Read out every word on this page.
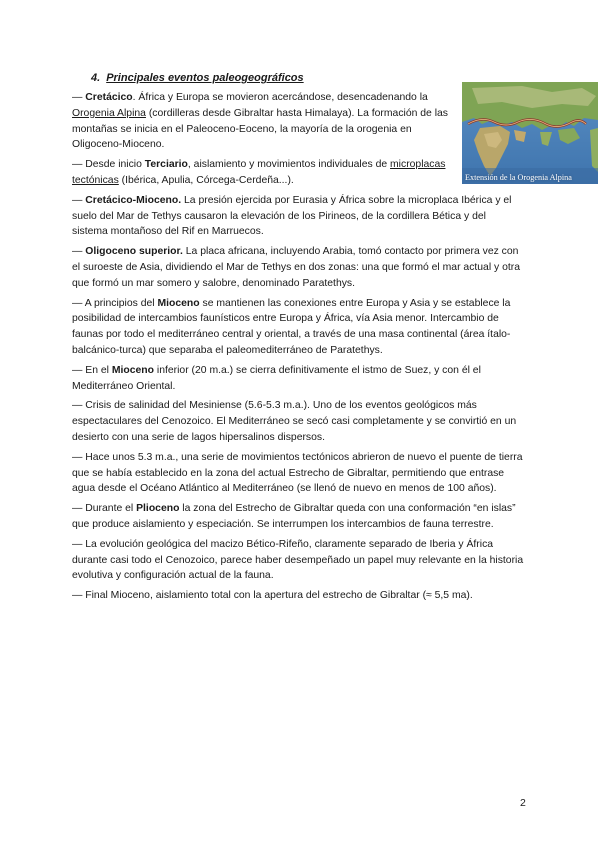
4. Principales eventos paleogeográficos
Extensión de la Orogenia Alpina

— Cretácico. África y Europa se movieron acercándose, desencadenando la Orogenia Alpina (cordilleras desde Gibraltar hasta Himalaya). La formación de las montañas se inicia en el Paleoceno-Eoceno, la mayoría de la orogenia en Oligoceno-Mioceno.

— Desde inicio Terciario, aislamiento y movimientos individuales de microplacas tectónicas (Ibérica, Apulia, Córcega-Cerdeña...).

— Cretácico-Mioceno. La presión ejercida por Eurasia y África sobre la microplaca Ibérica y el suelo del Mar de Tethys causaron la elevación de los Pirineos, de la cordillera Bética y del sistema montañoso del Rif en Marruecos.

— Oligoceno superior. La placa africana, incluyendo Arabia, tomó contacto por primera vez con el suroeste de Asia, dividiendo el Mar de Tethys en dos zonas: una que formó el mar actual y otra que formó un mar somero y salobre, denominado Paratethys.

— A principios del Mioceno se mantienen las conexiones entre Europa y Asia y se establece la posibilidad de intercambios faunísticos entre Europa y África, vía Asia menor. Intercambio de faunas por todo el mediterráneo central y oriental, a través de una masa continental (área ítalo-balcánico-turca) que separaba el paleomediterráneo de Paratethys.

— En el Mioceno inferior (20 m.a.) se cierra definitivamente el istmo de Suez, y con él el Mediterráneo Oriental.

— Crisis de salinidad del Mesiniense (5.6-5.3 m.a.). Uno de los eventos geológicos más espectaculares del Cenozoico. El Mediterráneo se secó casi completamente y se convirtió en un desierto con una serie de lagos hipersalinos dispersos.

— Hace unos 5.3 m.a., una serie de movimientos tectónicos abrieron de nuevo el puente de tierra que se había establecido en la zona del actual Estrecho de Gibraltar, permitiendo que entrase agua desde el Océano Atlántico al Mediterráneo (se llenó de nuevo en menos de 100 años).

— Durante el Plioceno la zona del Estrecho de Gibraltar queda con una conformación “en islas” que produce aislamiento y especiación. Se interrumpen los intercambios de fauna terrestre.

— La evolución geológica del macizo Bético-Rifeño, claramente separado de Iberia y África durante casi todo el Cenozoico, parece haber desempeñado un papel muy relevante en la historia evolutiva y configuración actual de la fauna.

— Final Mioceno, aislamiento total con la apertura del estrecho de Gibraltar (≈ 5,5 ma).

2
